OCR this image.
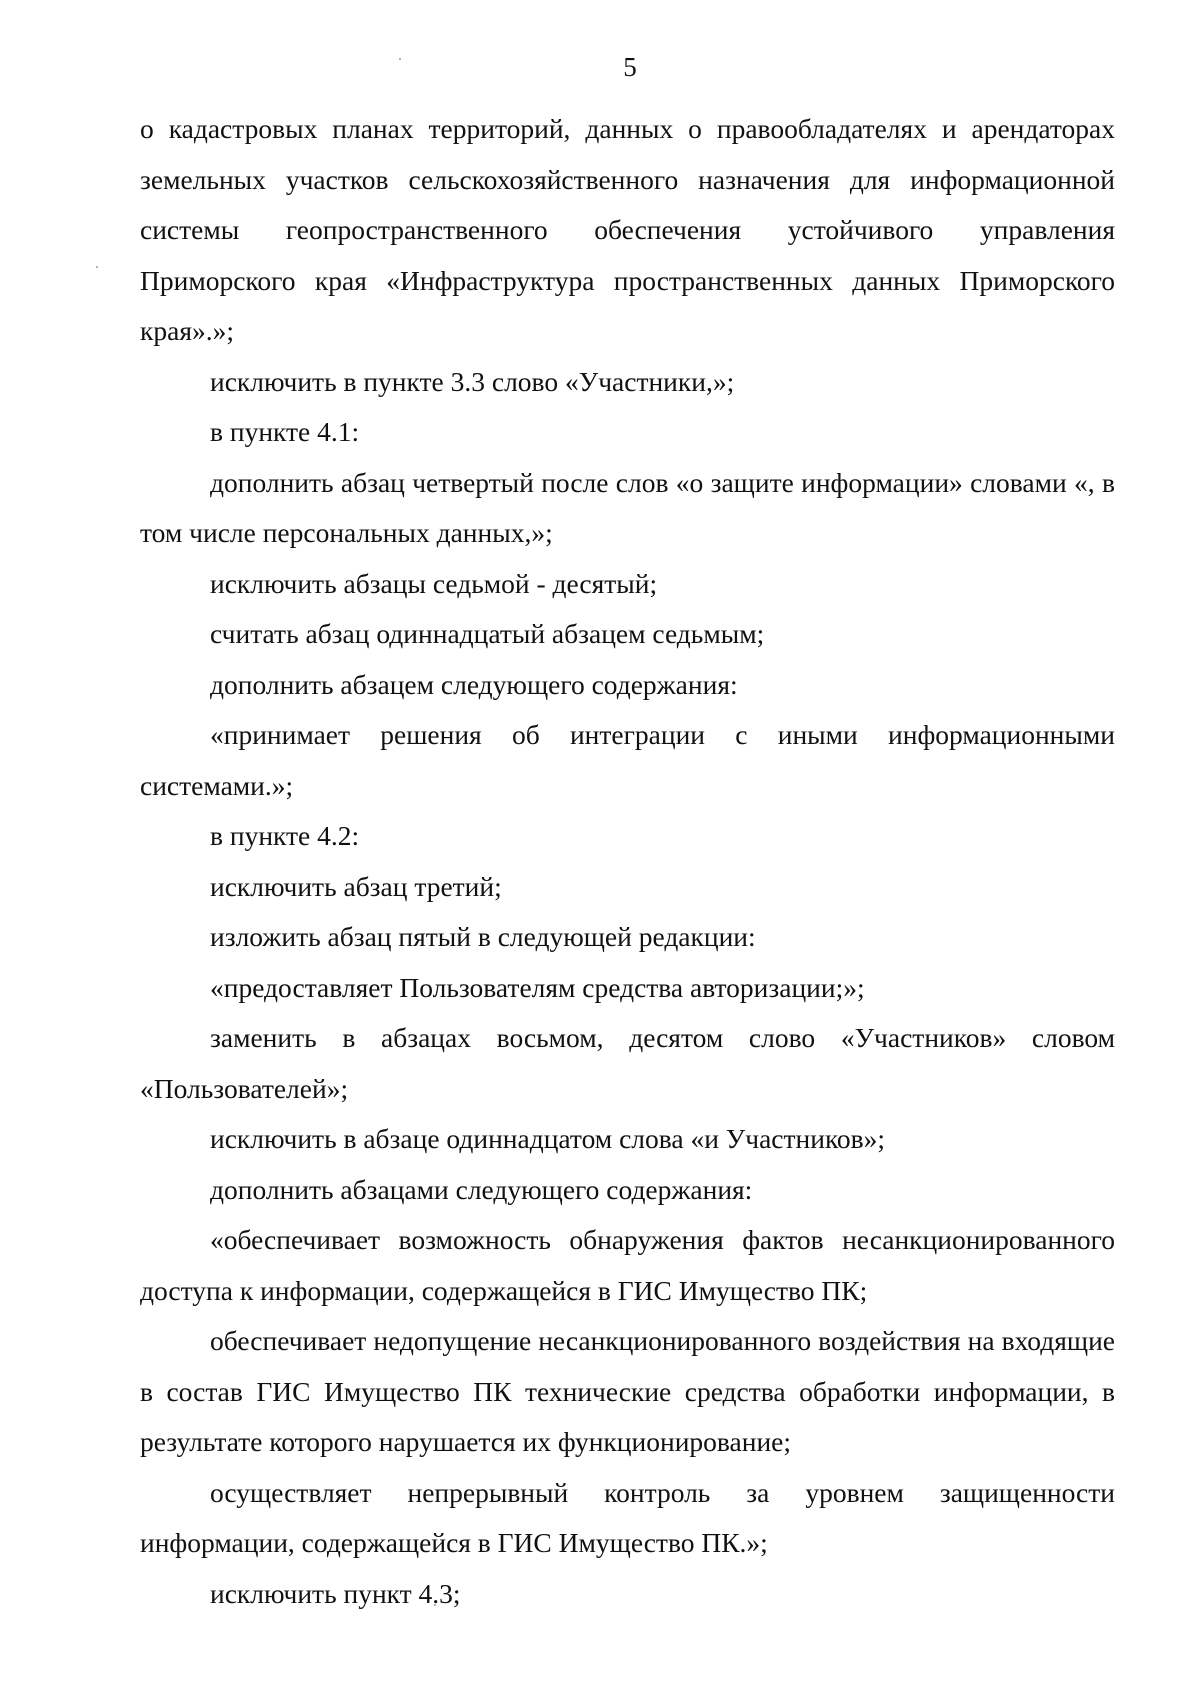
5

о кадастровых планах территорий, данных о правообладателях и арендаторах земельных участков сельскохозяйственного назначения для информационной системы геопространственного обеспечения устойчивого управления Приморского края «Инфраструктура пространственных данных Приморского края».»;

исключить в пункте 3.3 слово «Участники,»;

в пункте 4.1:

дополнить абзац четвертый после слов «о защите информации» словами «, в том числе персональных данных,»;

исключить абзацы седьмой - десятый;

считать абзац одиннадцатый абзацем седьмым;

дополнить абзацем следующего содержания:

«принимает решения об интеграции с иными информационными системами.»;

в пункте 4.2:

исключить абзац третий;

изложить абзац пятый в следующей редакции:

«предоставляет Пользователям средства авторизации;»;

заменить в абзацах восьмом, десятом слово «Участников» словом «Пользователей»;

исключить в абзаце одиннадцатом слова «и Участников»;

дополнить абзацами следующего содержания:

«обеспечивает возможность обнаружения фактов несанкционированного доступа к информации, содержащейся в ГИС Имущество ПК;

обеспечивает недопущение несанкционированного воздействия на входящие в состав ГИС Имущество ПК технические средства обработки информации, в результате которого нарушается их функционирование;

осуществляет непрерывный контроль за уровнем защищенности информации, содержащейся в ГИС Имущество ПК.»;

исключить пункт 4.3;
